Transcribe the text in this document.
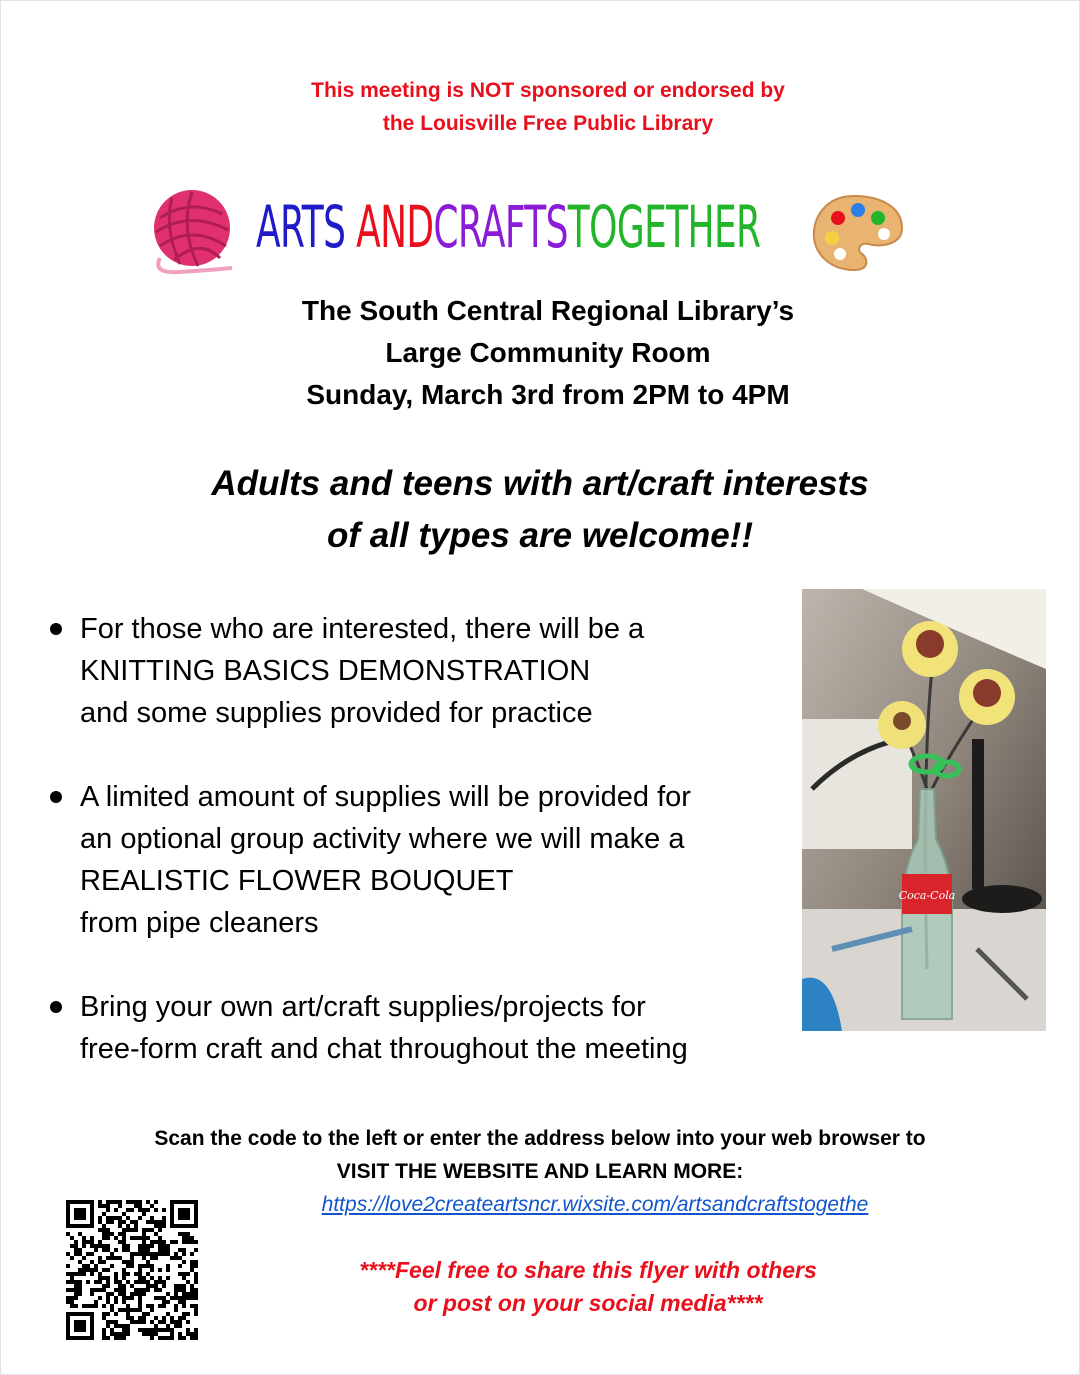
This meeting is NOT sponsored or endorsed by
the Louisville Free Public Library
ARTS ANDCRAFTSTOGETHER
The South Central Regional Library’s
Large Community Room
Sunday, March 3rd from 2PM to 4PM
Adults and teens with art/craft interests
of all types are welcome!!
For those who are interested, there will be a
KNITTING BASICS DEMONSTRATION
and some supplies provided for practice
A limited amount of supplies will be provided for
an optional group activity where we will make a
REALISTIC FLOWER BOUQUET
from pipe cleaners
Bring your own art/craft supplies/projects for
free-form craft and chat throughout the meeting
Coca-Cola
Scan the code to the left or enter the address below into your web browser to
VISIT THE WEBSITE AND LEARN MORE:
https://love2createartsncr.wixsite.com/artsandcraftstogethe
****Feel free to share this flyer with others
or post on your social media****
